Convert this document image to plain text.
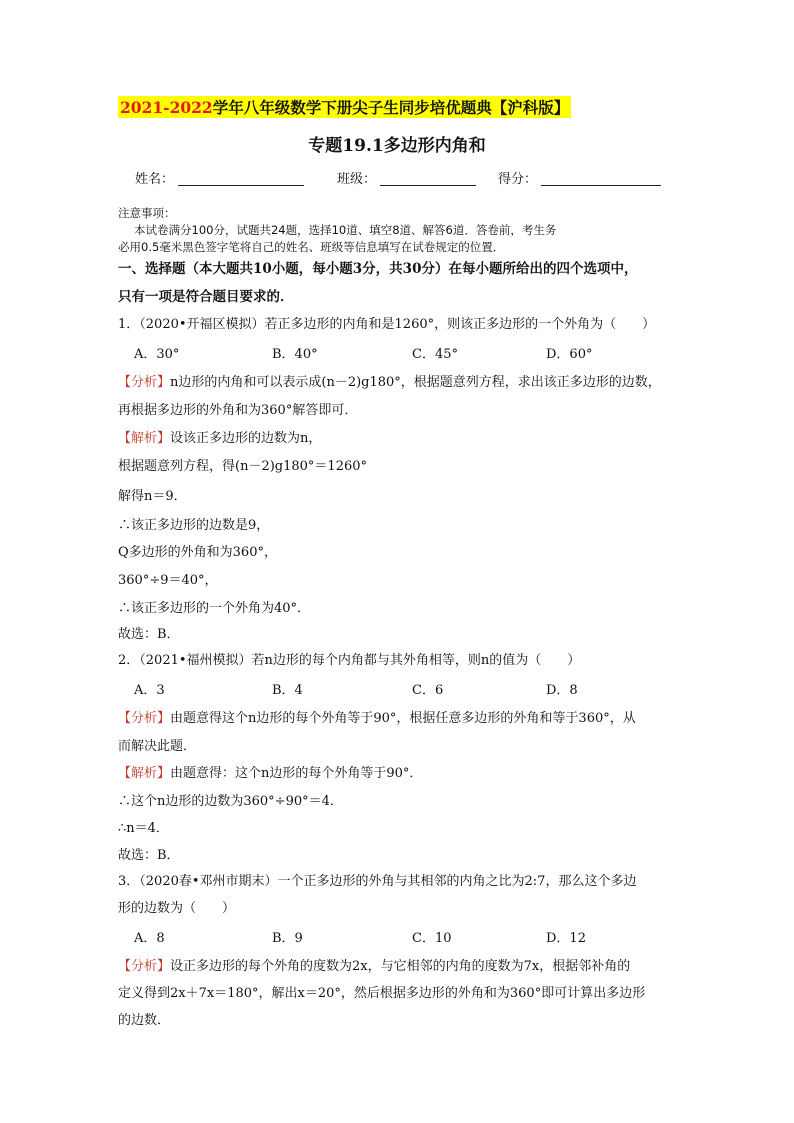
2021-2022学年八年级数学下册尖子生同步培优题典【沪科版】
专题19.1多边形内角和
姓名：	班级：	得分：
注意事项：
本试卷满分100分，试题共24题，选择10道、填空8道、解答6道．答卷前，考生务
必用0.5毫米黑色签字笔将自己的姓名、班级等信息填写在试卷规定的位置．
一、选择题（本大题共10小题，每小题3分，共30分）在每小题所给出的四个选项中，
只有一项是符合题目要求的．
1．（2020•开福区模拟）若正多边形的内角和是1260°，则该正多边形的一个外角为（　　）
A．30°	B．40°	C．45°	D．60°
【分析】n边形的内角和可以表示成(n－2)g180°，根据题意列方程，求出该正多边形的边数，
再根据多边形的外角和为360°解答即可．
【解析】设该正多边形的边数为n，
根据题意列方程，得(n－2)g180°＝1260°
解得n＝9．
∴该正多边形的边数是9，
Q多边形的外角和为360°，
360°÷9＝40°，
∴该正多边形的一个外角为40°．
故选：B．
2．（2021•福州模拟）若n边形的每个内角都与其外角相等，则n的值为（　　）
A．3	B．4	C．6	D．8
【分析】由题意得这个n边形的每个外角等于90°，根据任意多边形的外角和等于360°，从
而解决此题．
【解析】由题意得：这个n边形的每个外角等于90°．
∴这个n边形的边数为360°÷90°＝4．
∴n＝4．
故选：B．
3．（2020春•邓州市期末）一个正多边形的外角与其相邻的内角之比为2:7，那么这个多边
形的边数为（　　）
A．8	B．9	C．10	D．12
【分析】设正多边形的每个外角的度数为2x，与它相邻的内角的度数为7x，根据邻补角的
定义得到2x＋7x＝180°，解出x＝20°，然后根据多边形的外角和为360°即可计算出多边形
的边数．
